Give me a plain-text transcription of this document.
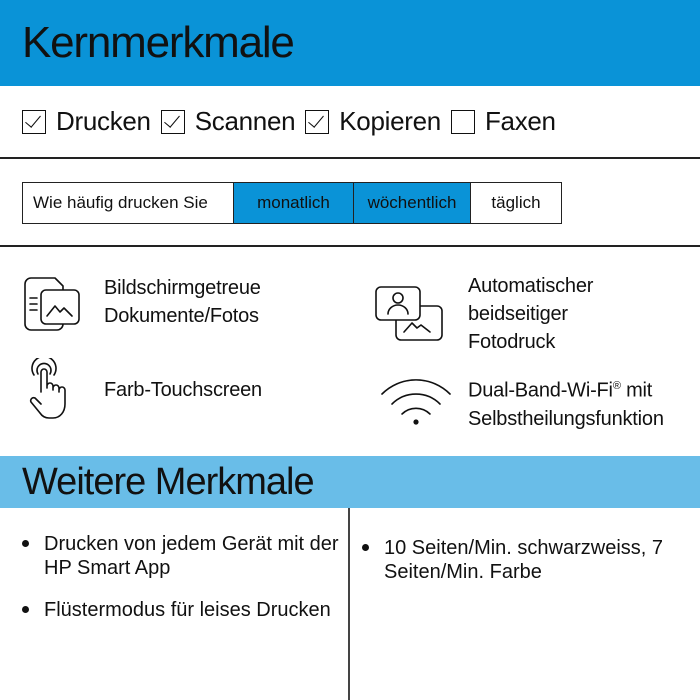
Kernmerkmale
Drucken Scannen Kopieren Faxen
Wie häufig drucken Sie	monatlich	wöchentlich	täglich
Bildschirmgetreue
Dokumente/Fotos
Automatischer
beidseitiger
Fotodruck
Farb-Touchscreen	Dual-Band-Wi-Fi® mit
Selbstheilungsfunktion
Weitere Merkmale
Drucken von jedem Gerät mit der HP Smart App
Flüstermodus für leises Drucken
10 Seiten/Min. schwarzweiss, 7 Seiten/Min. Farbe
